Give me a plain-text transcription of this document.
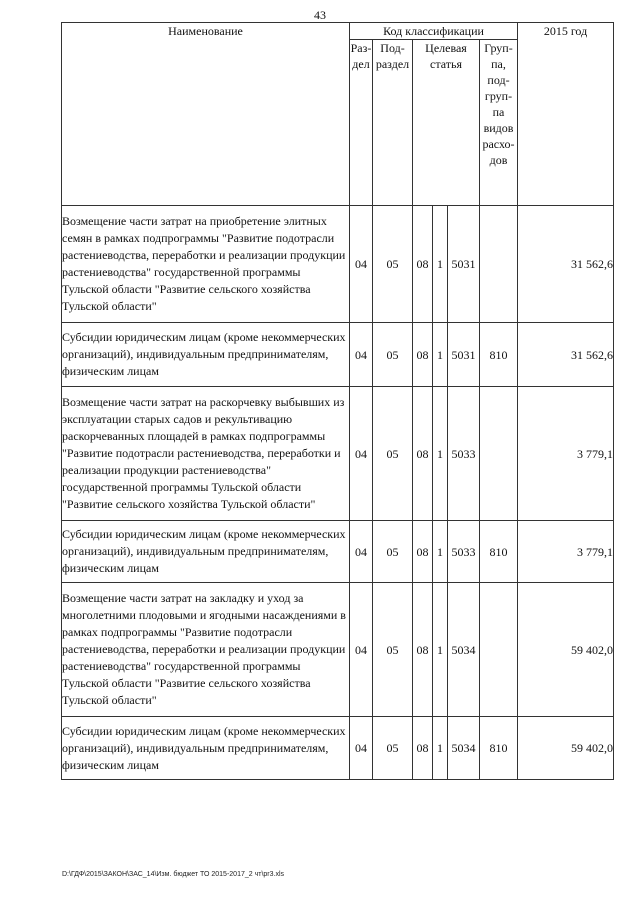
43
Наименование	Код классификации						2015 год
	Раз-дел	Под-раздел	Целевая статья			Груп-па, под-груп-па видов расхо-дов	
Возмещение части затрат на приобретение элитных семян в рамках подпрограммы "Развитие подотрасли растениеводства, переработки и реализации продукции растениеводства" государственной программы Тульской области "Развитие сельского хозяйства Тульской области"	04	05	08	1	5031		31 562,6
Субсидии юридическим лицам (кроме некоммерческих организаций), индивидуальным предпринимателям, физическим лицам	04	05	08	1	5031	810	31 562,6
Возмещение части затрат на раскорчевку выбывших из эксплуатации старых садов и рекультивацию раскорчеванных площадей в рамках подпрограммы "Развитие подотрасли растениеводства, переработки и реализации продукции растениеводства" государственной программы Тульской области "Развитие сельского хозяйства Тульской области"	04	05	08	1	5033		3 779,1
Субсидии юридическим лицам (кроме некоммерческих организаций), индивидуальным предпринимателям, физическим лицам	04	05	08	1	5033	810	3 779,1
Возмещение части затрат на закладку и уход за многолетними плодовыми и ягодными насаждениями в рамках подпрограммы "Развитие подотрасли растениеводства, переработки и реализации продукции растениеводства" государственной программы Тульской области "Развитие сельского хозяйства Тульской области"	04	05	08	1	5034		59 402,0
Субсидии юридическим лицам (кроме некоммерческих организаций), индивидуальным предпринимателям, физическим лицам	04	05	08	1	5034	810	59 402,0
D:\ГДФ\2015\ЗАКОН\ЗАС_14\Изм. бюджет ТО 2015-2017_2 чт\pr3.xls
